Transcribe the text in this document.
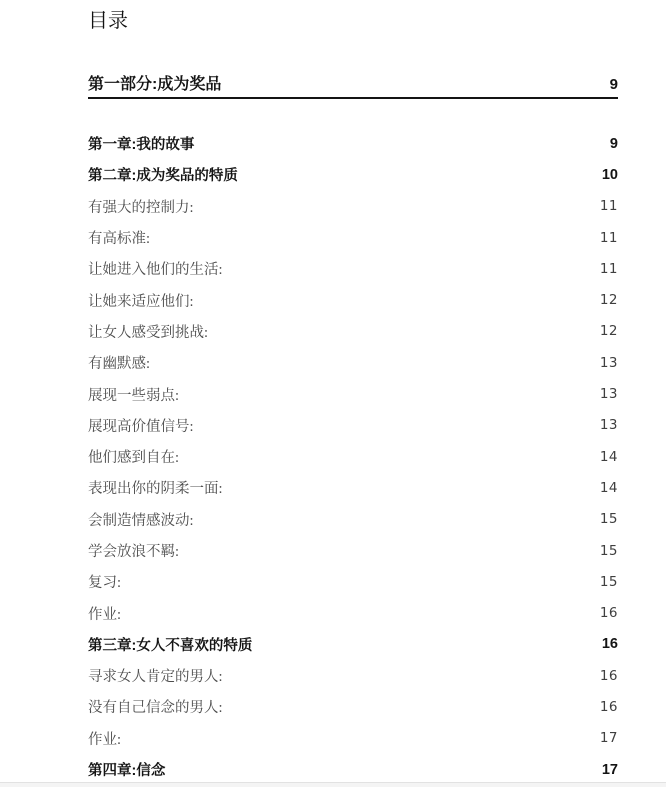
目录
第一部分:成为奖品	9
第一章:我的故事	9
第二章:成为奖品的特质	10
有强大的控制力:	11
有高标准:	11
让她进入他们的生活:	11
让她来适应他们:	12
让女人感受到挑战:	12
有幽默感:	13
展现一些弱点:	13
展现高价值信号:	13
他们感到自在:	14
表现出你的阴柔一面:	14
会制造情感波动:	15
学会放浪不羁:	15
复习:	15
作业:	16
第三章:女人不喜欢的特质	16
寻求女人肯定的男人:	16
没有自己信念的男人:	16
作业:	17
第四章:信念	17
